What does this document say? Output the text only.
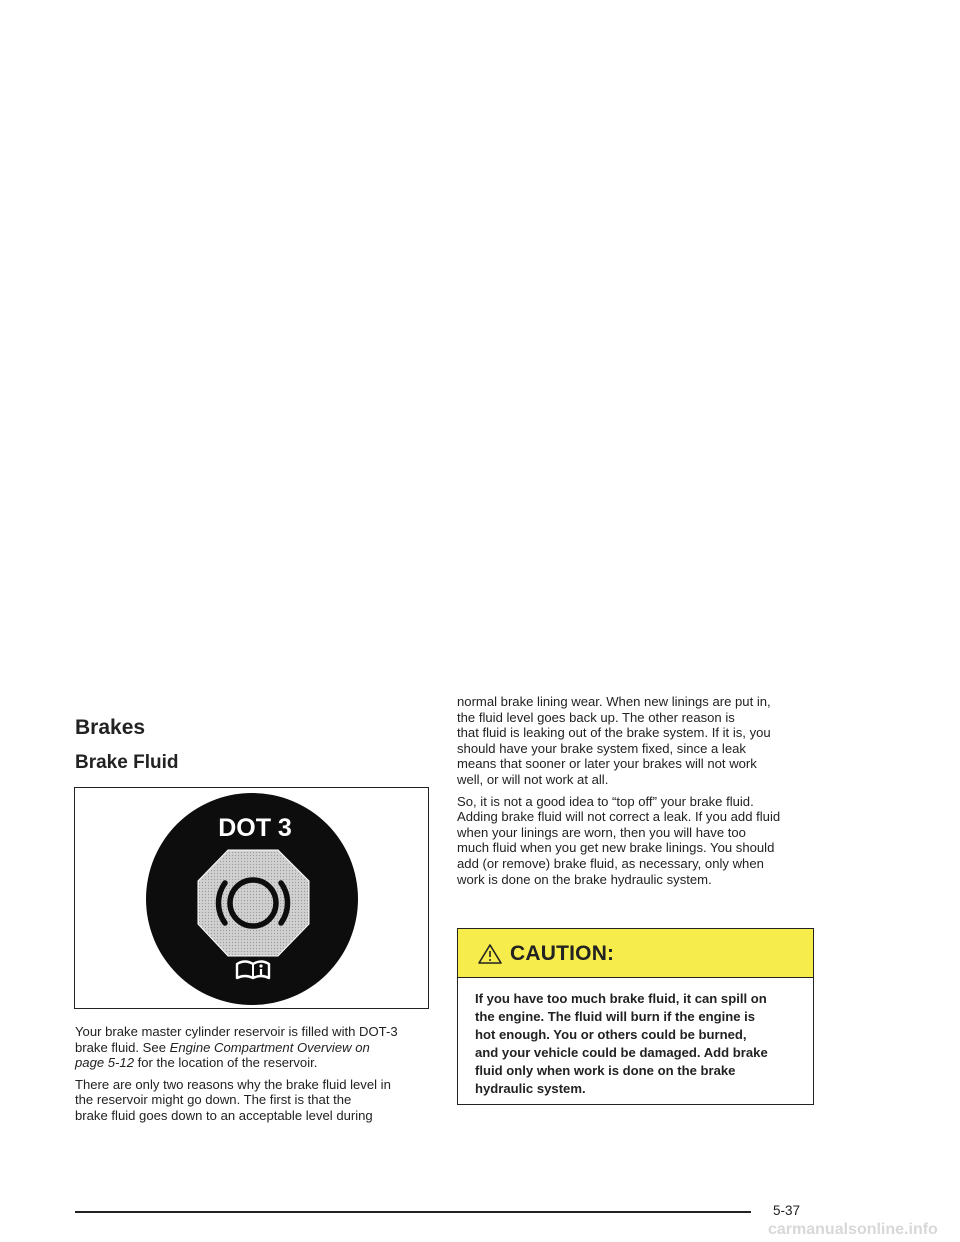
Brakes
Brake Fluid
DOT 3

Your brake master cylinder reservoir is filled with DOT-3
brake fluid. See Engine Compartment Overview on
page 5-12 for the location of the reservoir.

There are only two reasons why the brake fluid level in
the reservoir might go down. The first is that the
brake fluid goes down to an acceptable level during

normal brake lining wear. When new linings are put in,
the fluid level goes back up. The other reason is
that fluid is leaking out of the brake system. If it is, you
should have your brake system fixed, since a leak
means that sooner or later your brakes will not work
well, or will not work at all.

So, it is not a good idea to “top off” your brake fluid.
Adding brake fluid will not correct a leak. If you add fluid
when your linings are worn, then you will have too
much fluid when you get new brake linings. You should
add (or remove) brake fluid, as necessary, only when
work is done on the brake hydraulic system.

CAUTION:

If you have too much brake fluid, it can spill on
the engine. The fluid will burn if the engine is
hot enough. You or others could be burned,
and your vehicle could be damaged. Add brake
fluid only when work is done on the brake
hydraulic system.

5-37
carmanualsonline.info
